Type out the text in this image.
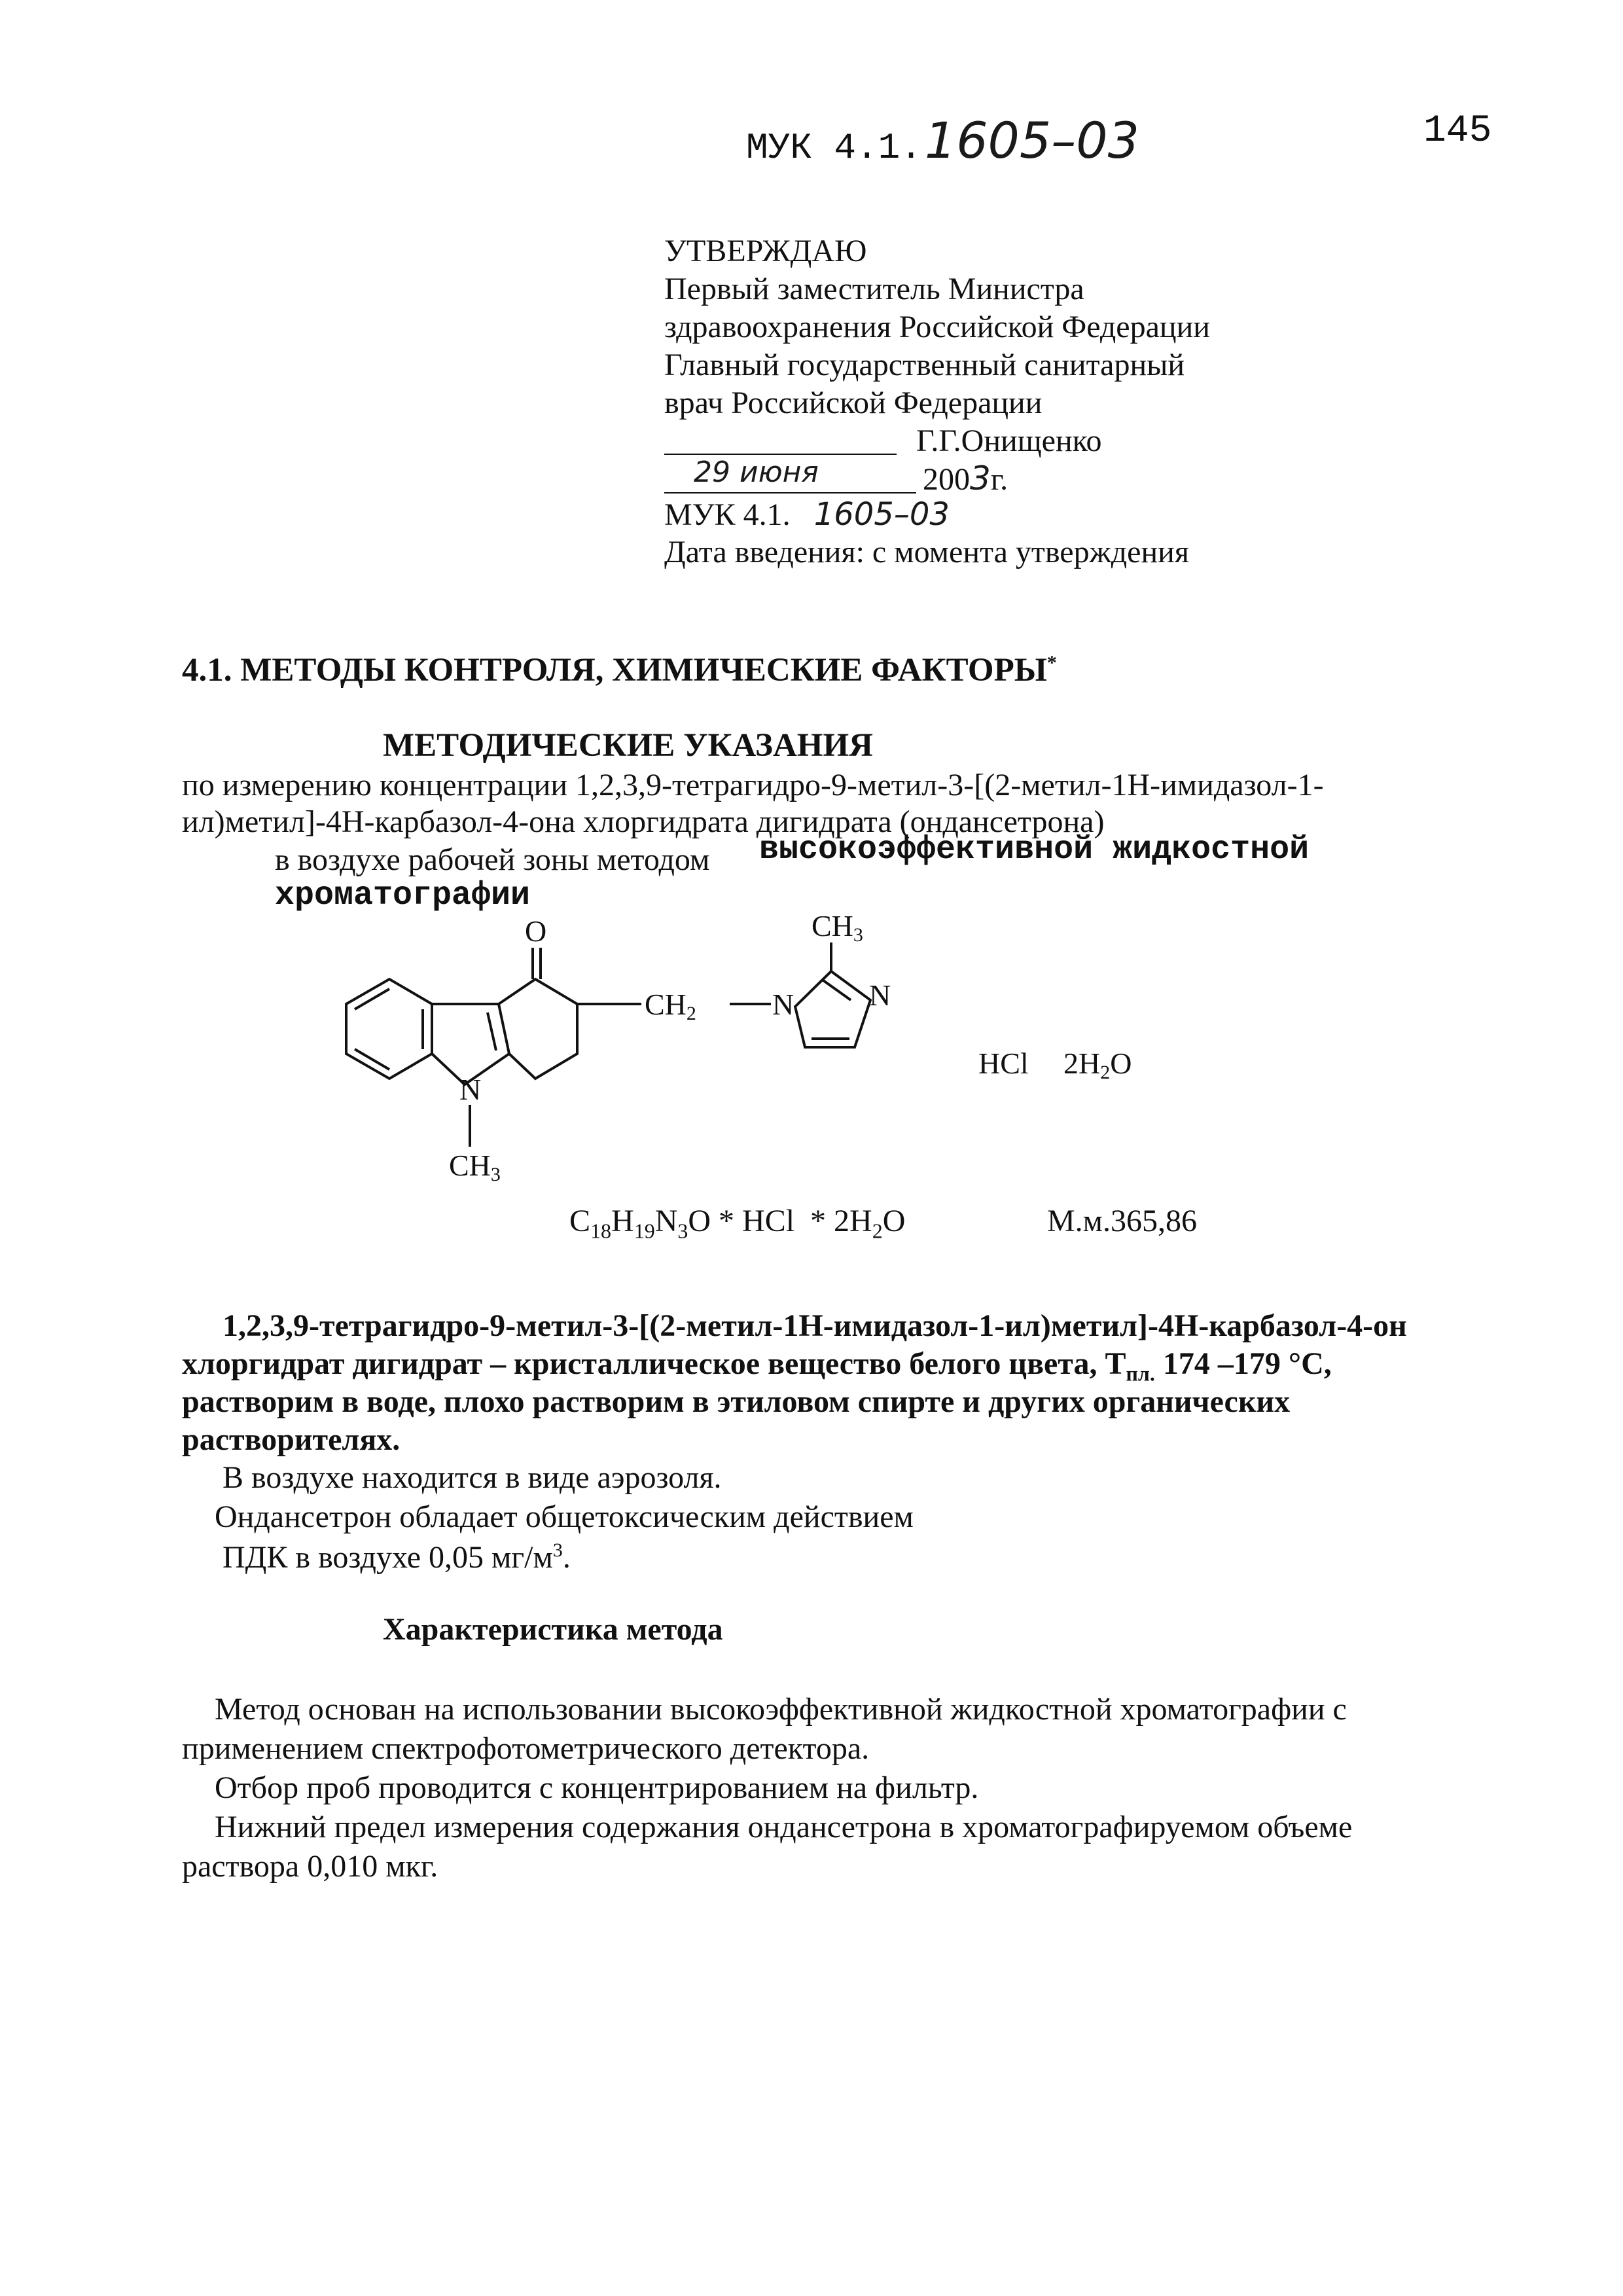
МУК 4.1.1605–03	145
УТВЕРЖДАЮ
Первый заместитель Министра
здравоохранения Российской Федерации
Главный государственный санитарный
врач Российской Федерации
Г.Г.Онищенко
29 июня	2003г.
МУК 4.1. 1605–03
Дата введения: с момента утверждения
4.1. МЕТОДЫ КОНТРОЛЯ, ХИМИЧЕСКИЕ ФАКТОРЫ*
МЕТОДИЧЕСКИЕ УКАЗАНИЯ
по измерению концентрации 1,2,3,9-тетрагидро-9-метил-3-[(2-метил-1Н-имидазол-1-
ил)метил]-4Н-карбазол-4-она хлоргидрата дигидрата (ондансетрона)
в воздухе рабочей зоны методом высокоэффективной жидкостной
хроматографии
O	CH3
CH2	N N
N
CH3
HCl 2H2O
$C_{18}H_{19}N_3O$ * HCl  * $2H_2O$	М.м.365,86
1,2,3,9-тетрагидро-9-метил-3-[(2-метил-1Н-имидазол-1-ил)метил]-4Н-карбазол-4-он
хлоргидрат дигидрат – кристаллическое вещество белого цвета, $Т_{пл.}$ 174 –179 °С,
растворим в воде, плохо растворим в этиловом спирте и других органических
растворителях.
В воздухе находится в виде аэрозоля.
Ондансетрон обладает общетоксическим действием
ПДК в воздухе 0,05 $мг/м^3$.
Характеристика метода
Метод основан на использовании высокоэффективной жидкостной хроматографии с
применением спектрофотометрического детектора.
Отбор проб проводится с концентрированием на фильтр.
Нижний предел измерения содержания ондансетрона в хроматографируемом объеме
раствора 0,010 мкг.
